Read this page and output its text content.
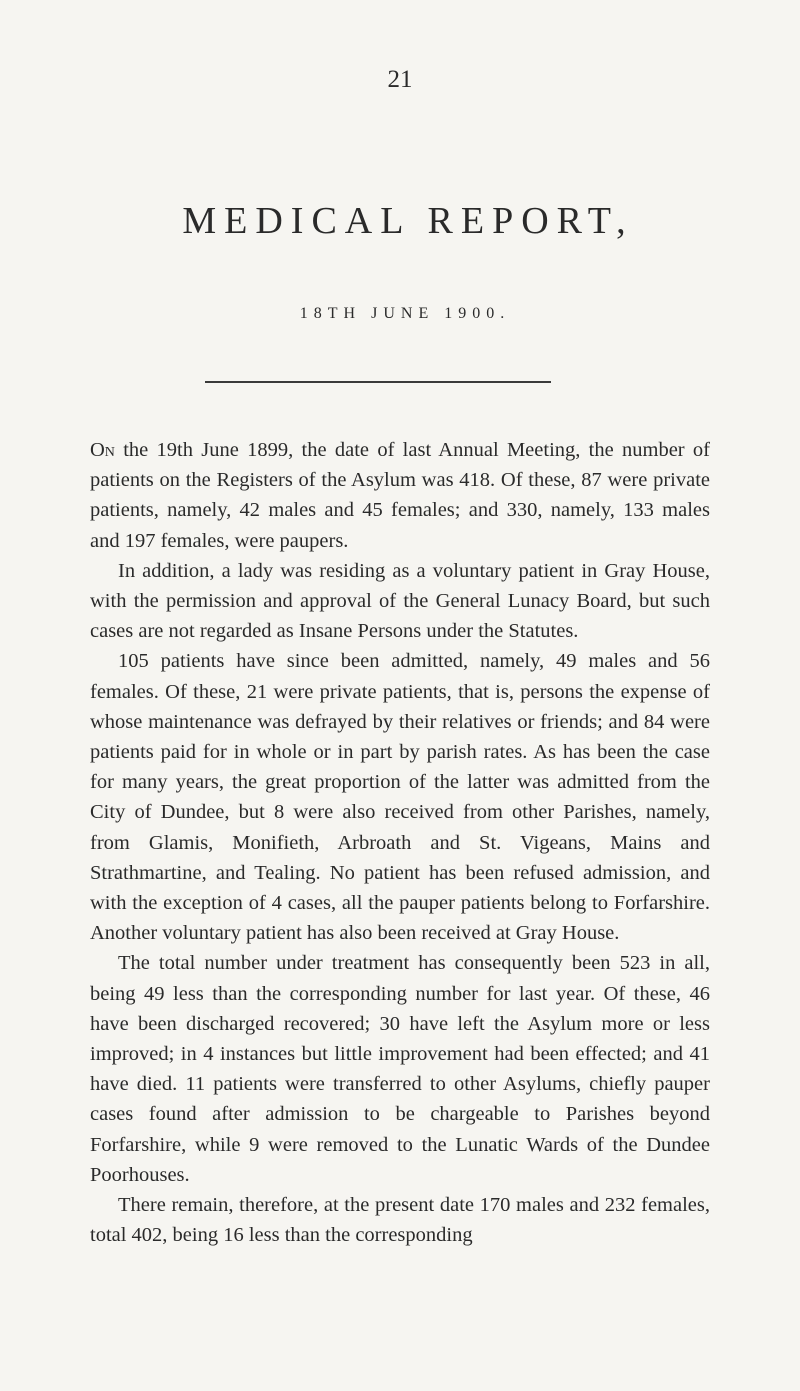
21
MEDICAL REPORT,
18TH JUNE 1900.

On the 19th June 1899, the date of last Annual Meeting, the number of patients on the Registers of the Asylum was 418. Of these, 87 were private patients, namely, 42 males and 45 females; and 330, namely, 133 males and 197 females, were paupers.

In addition, a lady was residing as a voluntary patient in Gray House, with the permission and approval of the General Lunacy Board, but such cases are not regarded as Insane Persons under the Statutes.

105 patients have since been admitted, namely, 49 males and 56 females. Of these, 21 were private patients, that is, persons the expense of whose maintenance was defrayed by their relatives or friends; and 84 were patients paid for in whole or in part by parish rates. As has been the case for many years, the great proportion of the latter was admitted from the City of Dundee, but 8 were also received from other Parishes, namely, from Glamis, Monifieth, Arbroath and St. Vigeans, Mains and Strathmartine, and Tealing. No patient has been refused admission, and with the exception of 4 cases, all the pauper patients belong to Forfarshire. Another voluntary patient has also been received at Gray House.

The total number under treatment has consequently been 523 in all, being 49 less than the corresponding number for last year. Of these, 46 have been discharged recovered; 30 have left the Asylum more or less improved; in 4 instances but little improvement had been effected; and 41 have died. 11 patients were transferred to other Asylums, chiefly pauper cases found after admission to be chargeable to Parishes beyond Forfarshire, while 9 were removed to the Lunatic Wards of the Dundee Poorhouses.

There remain, therefore, at the present date 170 males and 232 females, total 402, being 16 less than the corresponding
